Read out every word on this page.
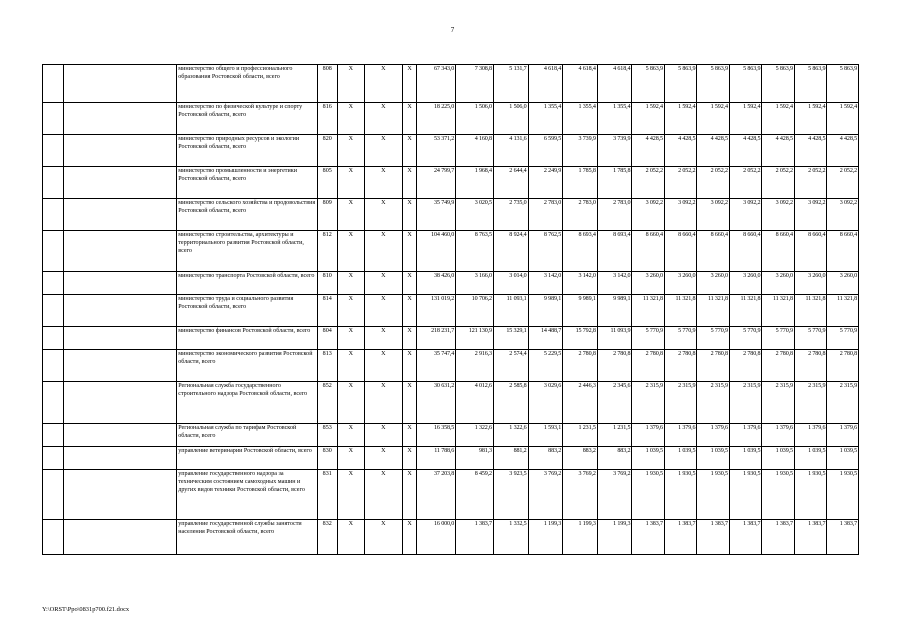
7
		министерство общего и профессионального образования Ростовской области, всего	808	Х	Х	Х	67 343,0	7 308,8	5 131,7	4 618,4	4 618,4	4 618,4	5 863,9	5 863,9	5 863,9	5 863,9	5 863,9	5 863,9	5 863,9
		министерство по физической культуре и спорту Ростовской области, всего	816	Х	Х	Х	18 225,0	1 506,0	1 506,0	1 355,4	1 355,4	1 355,4	1 592,4	1 592,4	1 592,4	1 592,4	1 592,4	1 592,4	1 592,4
		министерство природных ресурсов и экологии Ростовской области, всего	820	Х	Х	Х	53 371,2	4 160,8	4 131,6	6 599,5	3 739,9	3 739,9	4 428,5	4 428,5	4 428,5	4 428,5	4 428,5	4 428,5	4 428,5
		министерство промышленности и энергетики Ростовской области, всего	805	Х	Х	Х	24 799,7	1 968,4	2 644,4	2 249,9	1 785,8	1 785,8	2 052,2	2 052,2	2 052,2	2 052,2	2 052,2	2 052,2	2 052,2
		министерство сельского хозяйства и продовольствия Ростовской области, всего	809	Х	Х	Х	35 749,9	3 020,5	2 735,0	2 783,0	2 783,0	2 783,0	3 092,2	3 092,2	3 092,2	3 092,2	3 092,2	3 092,2	3 092,2
		министерство строительства, архитектуры и территориального развития Ростовской области, всего	812	Х	Х	Х	104 460,0	8 763,5	8 924,4	8 762,5	8 693,4	8 693,4	8 660,4	8 660,4	8 660,4	8 660,4	8 660,4	8 660,4	8 660,4
		министерство транспорта Ростовской области, всего	810	Х	Х	Х	38 426,0	3 166,0	3 014,0	3 142,0	3 142,0	3 142,0	3 260,0	3 260,0	3 260,0	3 260,0	3 260,0	3 260,0	3 260,0
		министерство труда и социального развития Ростовской области, всего	814	Х	Х	Х	131 019,2	10 706,2	11 093,1	9 989,1	9 989,1	9 989,1	11 321,8	11 321,8	11 321,8	11 321,8	11 321,8	11 321,8	11 321,8
		министерство финансов Ростовской области, всего	804	Х	Х	Х	218 231,7	121 130,9	15 329,1	14 488,7	15 792,8	11 093,9	5 770,9	5 770,9	5 770,9	5 770,9	5 770,9	5 770,9	5 770,9
		министерство экономического развития Ростовской области, всего	813	Х	Х	Х	35 747,4	2 916,3	2 574,4	5 229,5	2 780,8	2 780,8	2 780,8	2 780,8	2 780,8	2 780,8	2 780,8	2 780,8	2 780,8
		Региональная служба государственного строительного надзора Ростовской области, всего	852	Х	Х	Х	30 631,2	4 012,6	2 585,8	3 029,6	2 446,3	2 345,6	2 315,9	2 315,9	2 315,9	2 315,9	2 315,9	2 315,9	2 315,9
		Региональная служба по тарифам Ростовской области, всего	853	Х	Х	Х	16 358,5	1 322,6	1 322,6	1 593,1	1 231,5	1 231,5	1 379,6	1 379,6	1 379,6	1 379,6	1 379,6	1 379,6	1 379,6
		управление ветеринарии Ростовской области, всего	830	Х	Х	Х	11 788,6	981,3	881,2	883,2	883,2	883,2	1 039,5	1 039,5	1 039,5	1 039,5	1 039,5	1 039,5	1 039,5
		управление государственного надзора за техническим состоянием самоходных машин и других видов техники Ростовской области, всего	831	Х	Х	Х	37 203,8	8 459,2	3 923,5	3 769,2	3 769,2	3 769,2	1 930,5	1 930,5	1 930,5	1 930,5	1 930,5	1 930,5	1 930,5
		управление государственной службы занятости населения Ростовской области, всего	832	Х	Х	Х	16 000,0	1 383,7	1 332,5	1 199,3	1 199,3	1 199,3	1 383,7	1 383,7	1 383,7	1 383,7	1 383,7	1 383,7	1 383,7
Y:\ORST\Ppo\0831p700.f21.docx
